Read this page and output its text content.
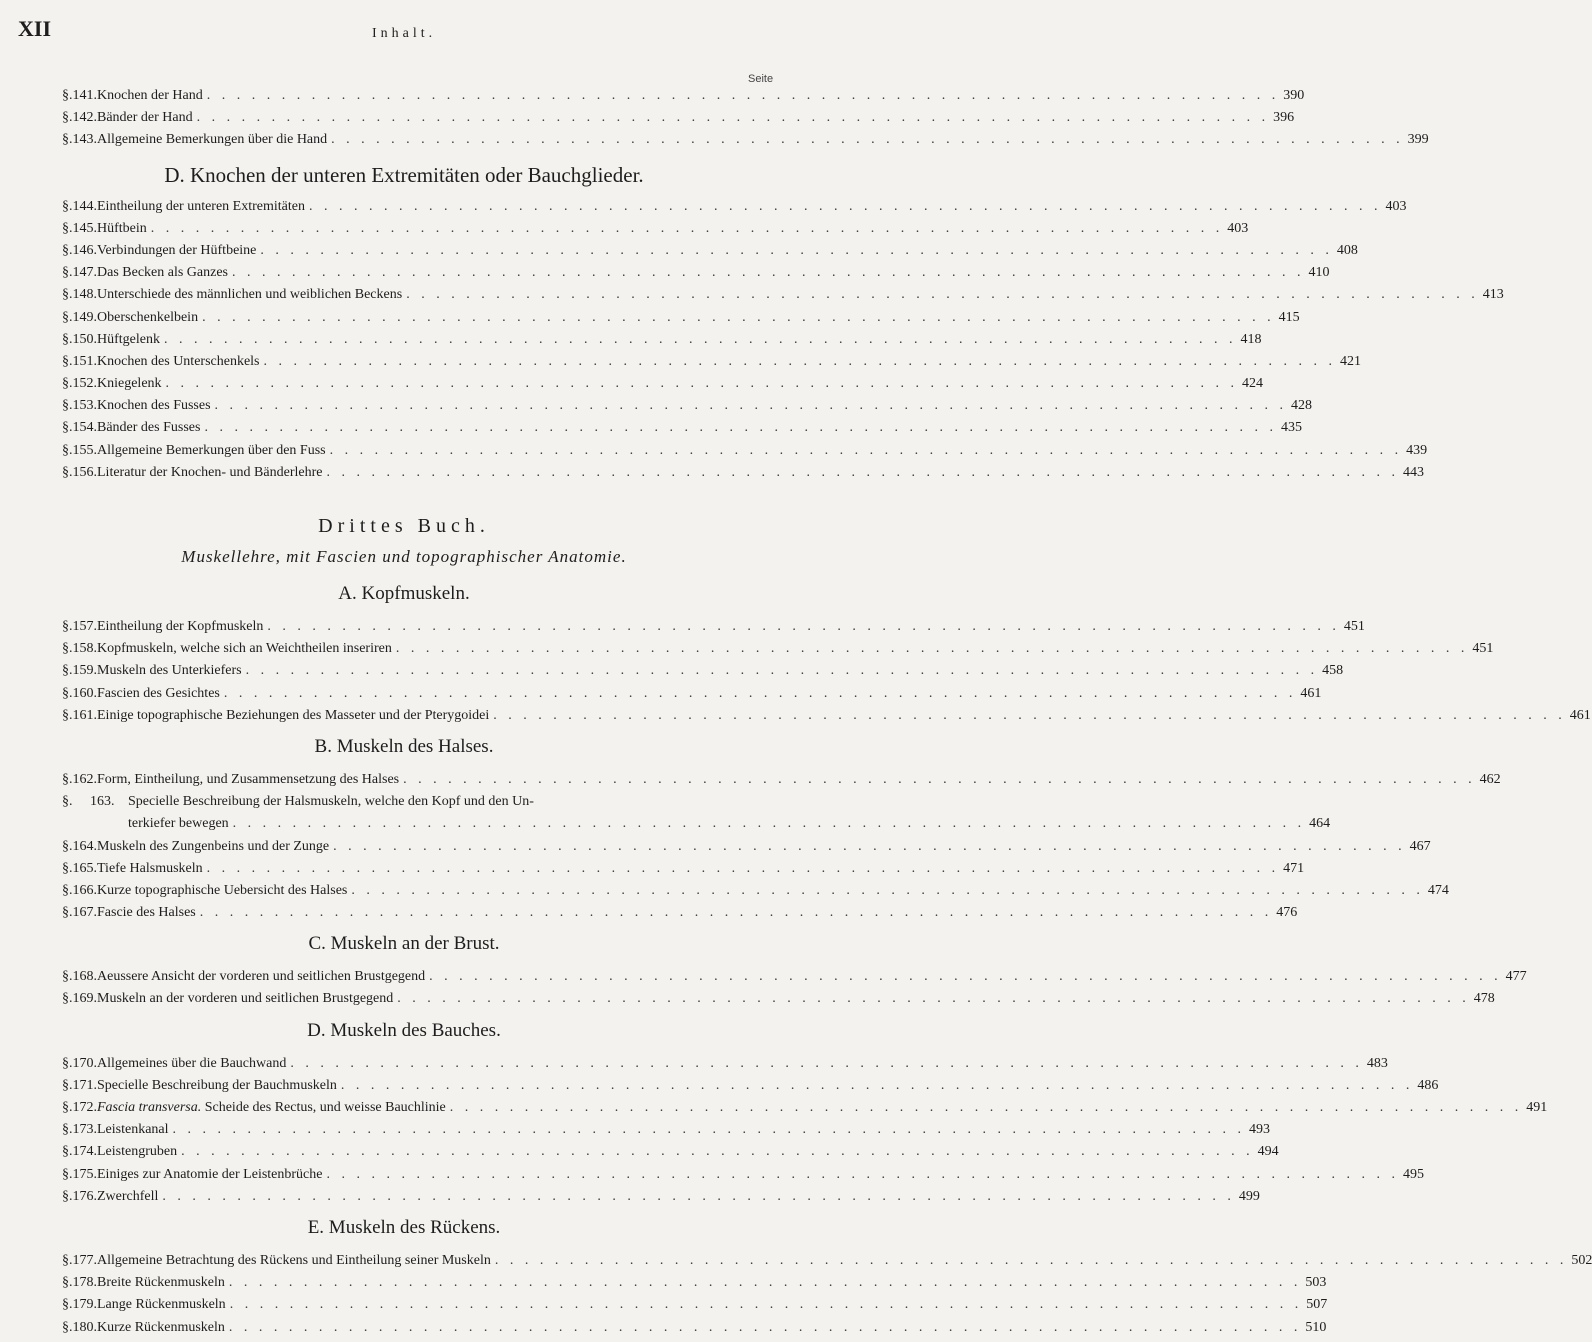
XII	Inhalt.
Seite
§. 141. Knochen der Hand . . .	390
§. 142. Bänder der Hand . . .	396
§. 143. Allgemeine Bemerkungen über die Hand . . .	399
D. Knochen der unteren Extremitäten oder Bauchglieder.
§. 144. Eintheilung der unteren Extremitäten . . .	403
§. 145. Hüftbein . . .	403
§. 146. Verbindungen der Hüftbeine . . .	408
§. 147. Das Becken als Ganzes . . .	410
§. 148. Unterschiede des männlichen und weiblichen Beckens . . .	413
§. 149. Oberschenkelbein . . .	415
§. 150. Hüftgelenk . . .	418
§. 151. Knochen des Unterschenkels . . .	421
§. 152. Kniegelenk . . .	424
§. 153. Knochen des Fusses . . .	428
§. 154. Bänder des Fusses . . .	435
§. 155. Allgemeine Bemerkungen über den Fuss . . .	439
§. 156. Literatur der Knochen- und Bänderlehre . . .	443
Drittes Buch.
Muskellehre, mit Fascien und topographischer Anatomie.
A. Kopfmuskeln.
§. 157. Eintheilung der Kopfmuskeln . . .	451
§. 158. Kopfmuskeln, welche sich an Weichtheilen inseriren . . .	451
§. 159. Muskeln des Unterkiefers . . .	458
§. 160. Fascien des Gesichtes . . .	461
§. 161. Einige topographische Beziehungen des Masseter und der Pterygoidei . . .	461
B. Muskeln des Halses.
§. 162. Form, Eintheilung, und Zusammensetzung des Halses . . .	462
§.	163. Specielle Beschreibung der Halsmuskeln, welche den Kopf und den Un-
terkiefer bewegen . . .	464
§. 164. Muskeln des Zungenbeins und der Zunge . . .	467
§. 165. Tiefe Halsmuskeln . . .	471
§. 166. Kurze topographische Uebersicht des Halses . . .	474
§. 167. Fascie des Halses . . .	476
C. Muskeln an der Brust.
§. 168. Aeussere Ansicht der vorderen und seitlichen Brustgegend . . .	477
§. 169. Muskeln an der vorderen und seitlichen Brustgegend . . .	478
D. Muskeln des Bauches.
§. 170. Allgemeines über die Bauchwand . . .	483
§. 171. Specielle Beschreibung der Bauchmuskeln . . .	486
§. 172. Fascia transversa. Scheide des Rectus, und weisse Bauchlinie . . .	491
§. 173. Leistenkanal . . .	493
§. 174. Leistengruben . . .	494
§. 175. Einiges zur Anatomie der Leistenbrüche . . .	495
§. 176. Zwerchfell . . .	499
E. Muskeln des Rückens.
§. 177. Allgemeine Betrachtung des Rückens und Eintheilung seiner Muskeln . . .	502
§. 178. Breite Rückenmuskeln . . .	503
§. 179. Lange Rückenmuskeln . . .	507
§. 180. Kurze Rückenmuskeln . . .	510
